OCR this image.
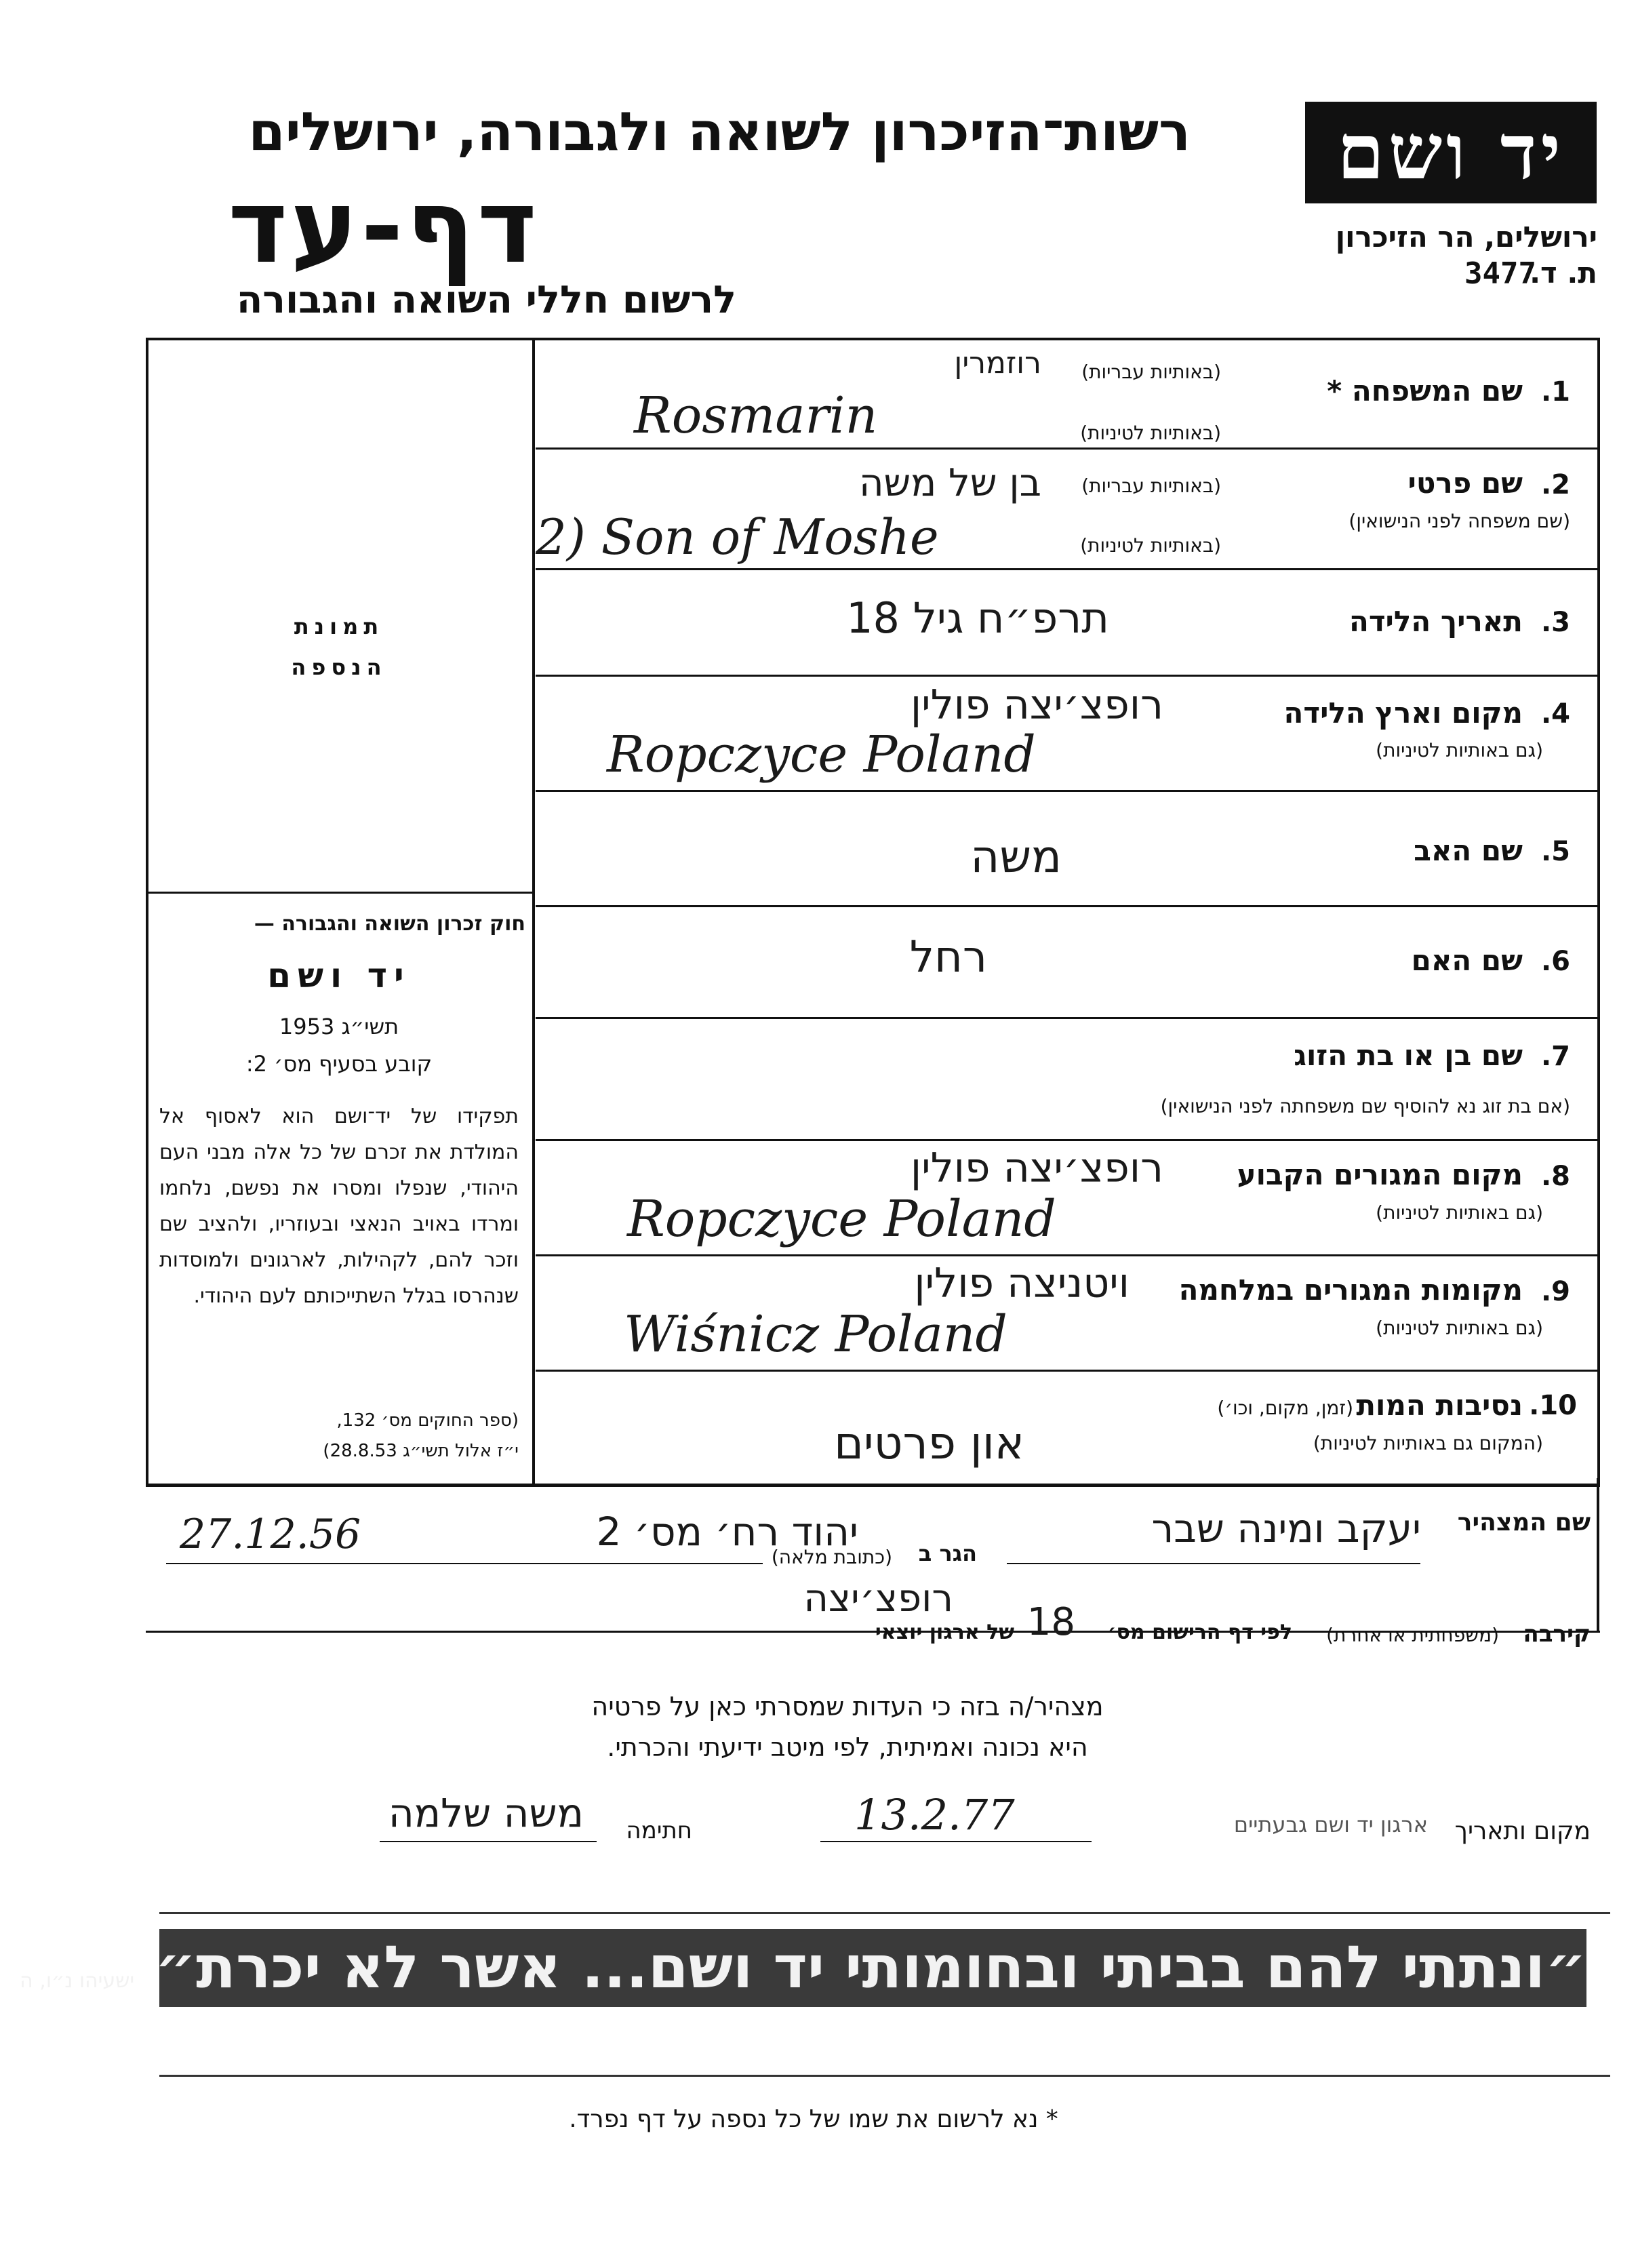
יד ושם
רשות־הזיכרון לשואה ולגבורה, ירושלים
דף-עד
לרשום חללי השואה והגבורה
ירושלים, הר הזיכרון
ת. ד.
3477
תמונת
הנספה
חוק זכרון השואה והגבורה —
יד ושם
תשי״ג 1953
קובע בסעיף מס׳ 2:
תפקידו של יד־ושם הוא לאסוף אל המולדת את זכרם של כל אלה מבני העם היהודי, שנפלו ומסרו את נפשם, נלחמו ומרדו באויב הנאצי ובעוזריו, ולהציב שם וזכר להם, לקהילות, לארגונים ולמוסדות שנהרסו בגלל השתייכותם לעם היהודי.
(ספר החוקים מס׳ 132,
י״ז אלול תשי״ג 28.8.53)
1.
שם המשפחה *
(באותיות עבריות)
(באותיות לטיניות)
רוזמרין
Rosmarin
2.
שם פרטי
(שם משפחה לפני הנישואין)
(באותיות עבריות)
(באותיות לטיניות)
בן של משה
2) Son of Moshe
3.
תאריך הלידה
תרפ״ח גיל 18
4.
מקום וארץ הלידה
(גם באותיות לטיניות)
רופצ׳יצה פולין
Ropczyce Poland
5.
שם האב
משה
6.
שם האם
רחל
7.
שם בן או בת הזוג
(אם בת זוג נא להוסיף שם משפחתה לפני הנישואין)
8.
מקום המגורים הקבוע
(גם באותיות לטיניות)
רופצ׳יצה פולין
Ropczyce Poland
9.
מקומות המגורים במלחמה
(גם באותיות לטיניות)
ויטניצה פולין
Wiśnicz Poland
10.
נסיבות המות
(זמן, מקום, וכו׳)
(המקום גם באותיות לטיניות)
און פרטים
שם המצהיר
יעקב ומינה שבר
הגר ב
(כתובת מלאה)
יהוד רח׳ מס׳ 2
27.12.56
קירבה
(משפחתית או אחרת)
לפי דף הרישום מס׳
18
של ארגון יוצאי
רופצ׳יצה
מצהיר/ה בזה כי העדות שמסרתי כאן על פרטיה
היא נכונה ואמיתית, לפי מיטב ידיעתי והכרתי.
מקום ותאריך
ארגון יד ושם גבעתיים
13.2.77
חתימה
משה שלמה
״ונתתי להם בביתי ובחומותי יד ושם... אשר לא יכרת״ ישעיהו נ״ו, ה
* נא לרשום את שמו של כל נספה על דף נפרד.
